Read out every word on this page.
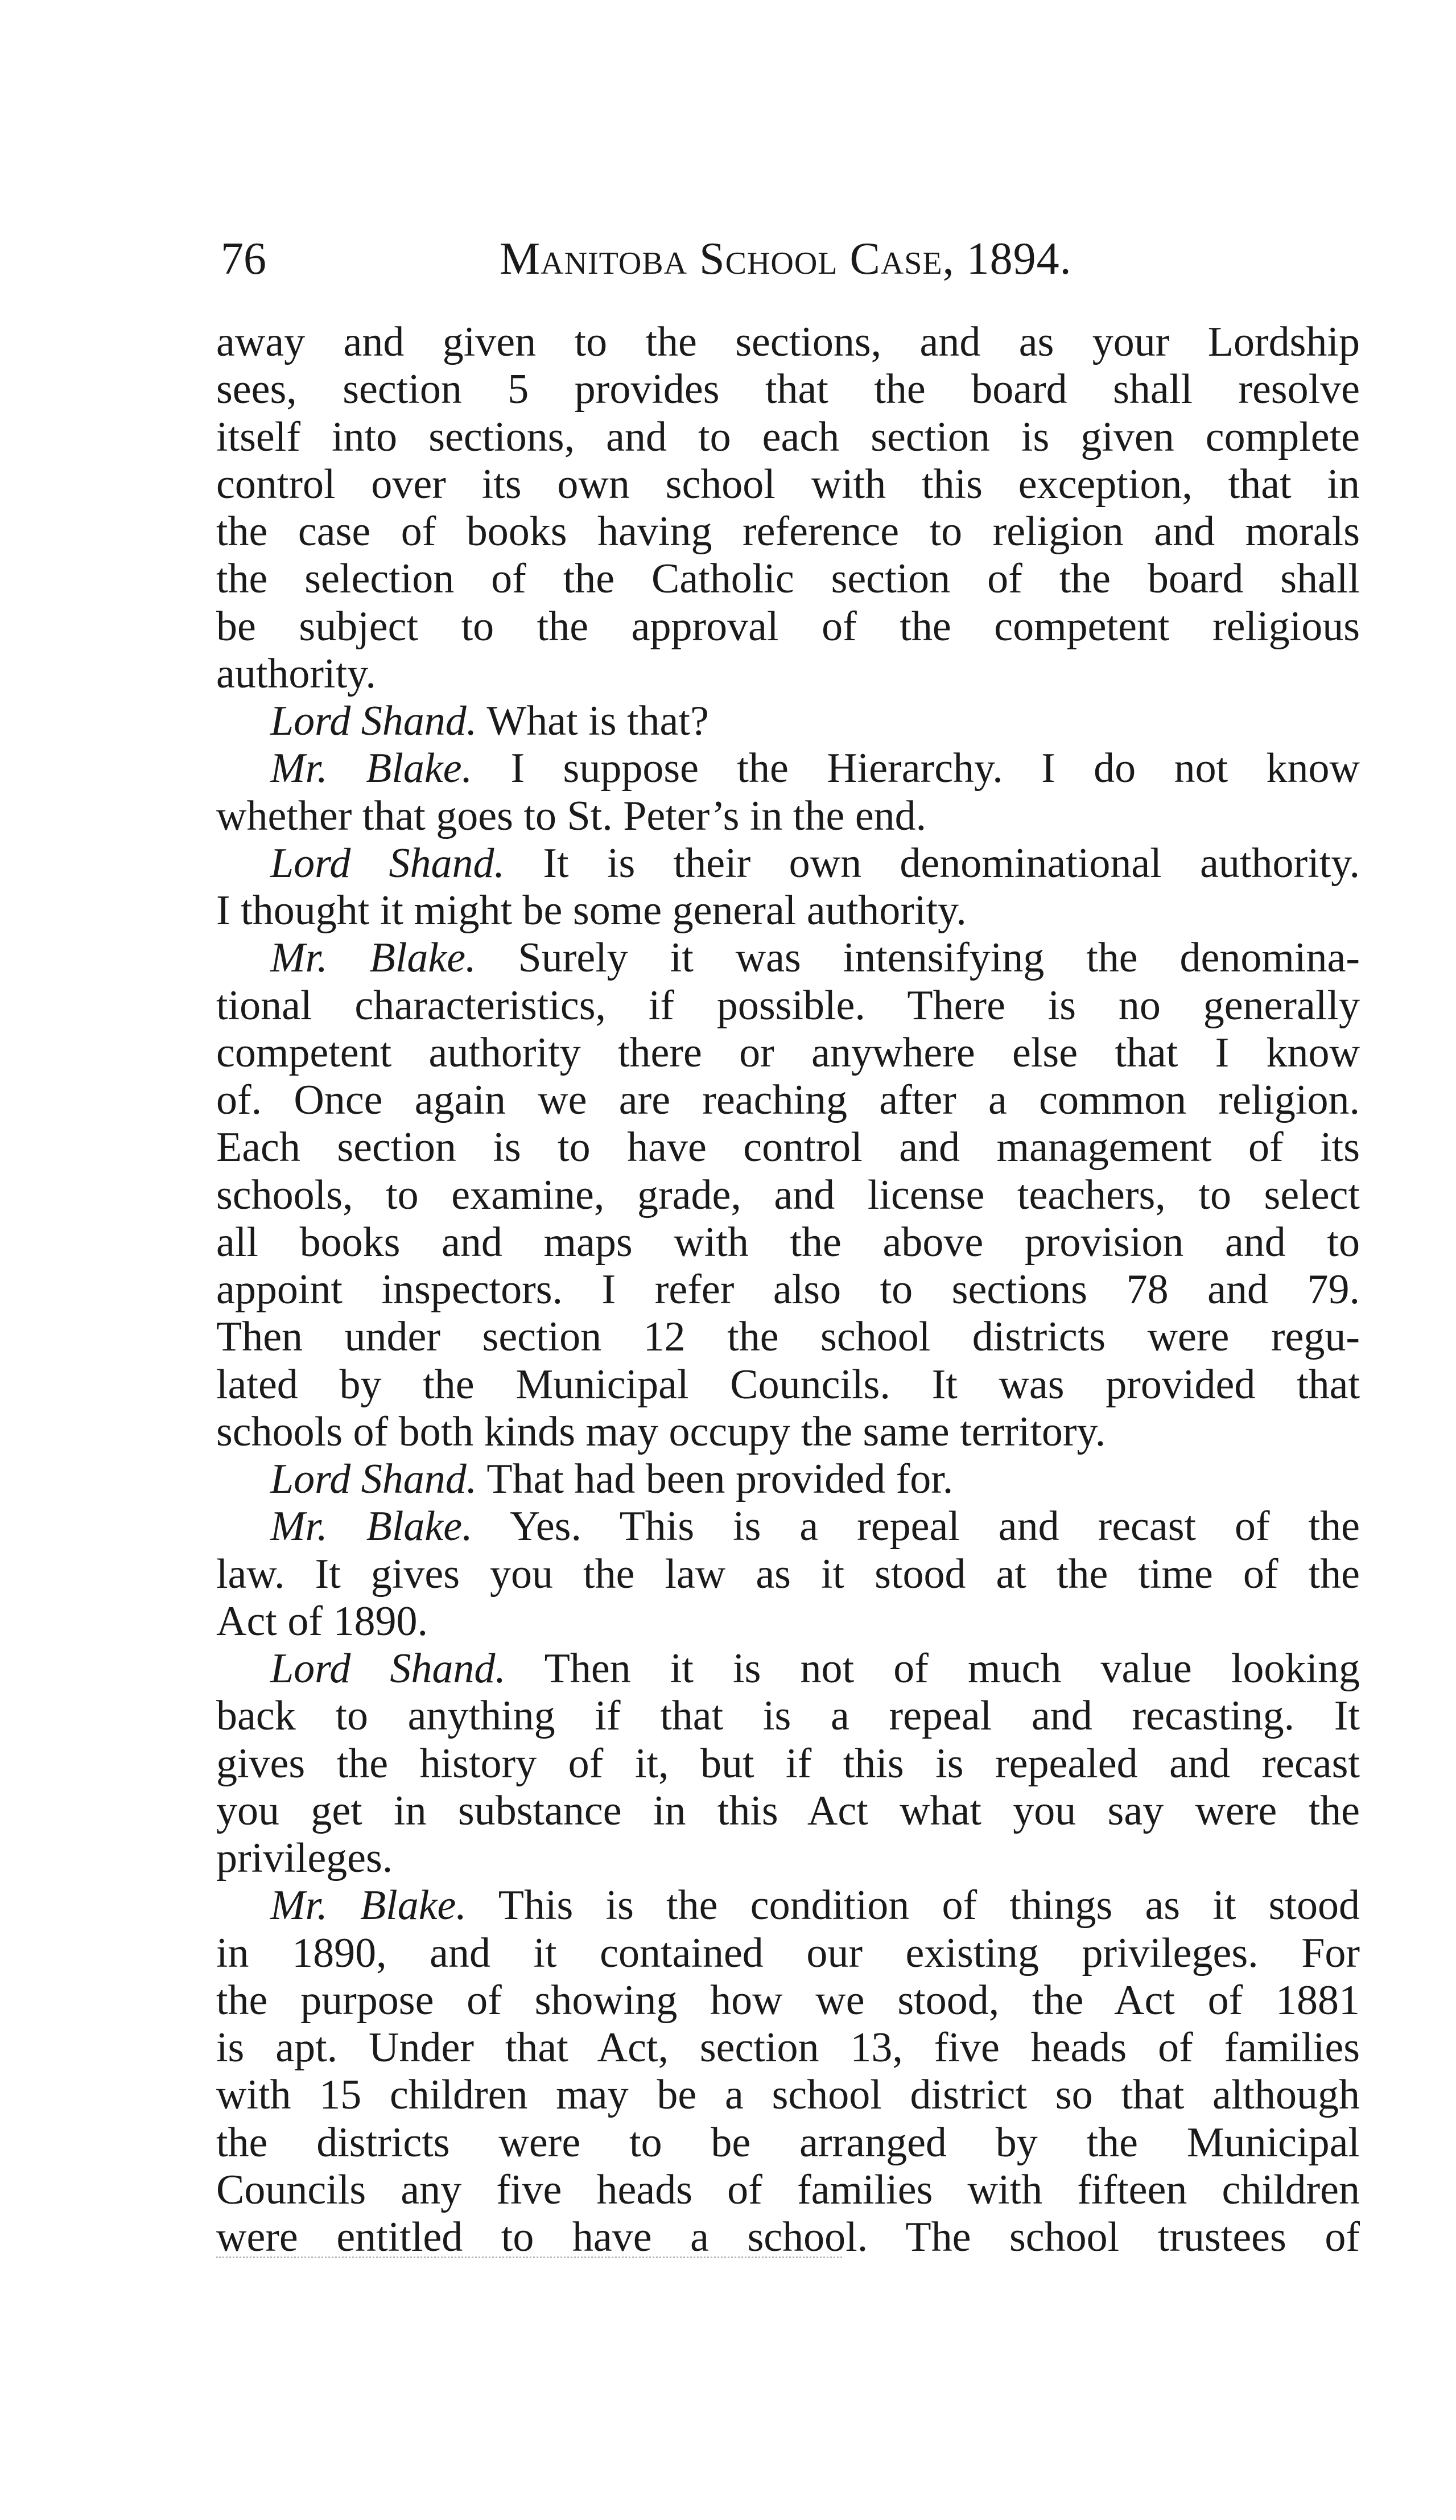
76	Manitoba School Case, 1894.
away and given to the sections, and as your Lordship
sees, section 5 provides that the board shall resolve
itself into sections, and to each section is given complete
control over its own school with this exception, that in
the case of books having reference to religion and morals
the selection of the Catholic section of the board shall
be subject to the approval of the competent religious
authority.
Lord Shand. What is that?
Mr. Blake. I suppose the Hierarchy. I do not know
whether that goes to St. Peter’s in the end.
Lord Shand. It is their own denominational authority.
I thought it might be some general authority.
Mr. Blake. Surely it was intensifying the denomina-
tional characteristics, if possible. There is no generally
competent authority there or anywhere else that I know
of. Once again we are reaching after a common religion.
Each section is to have control and management of its
schools, to examine, grade, and license teachers, to select
all books and maps with the above provision and to
appoint inspectors. I refer also to sections 78 and 79.
Then under section 12 the school districts were regu-
lated by the Municipal Councils. It was provided that
schools of both kinds may occupy the same territory.
Lord Shand. That had been provided for.
Mr. Blake. Yes. This is a repeal and recast of the
law. It gives you the law as it stood at the time of the
Act of 1890.
Lord Shand. Then it is not of much value looking
back to anything if that is a repeal and recasting. It
gives the history of it, but if this is repealed and recast
you get in substance in this Act what you say were the
privileges.
Mr. Blake. This is the condition of things as it stood
in 1890, and it contained our existing privileges. For
the purpose of showing how we stood, the Act of 1881
is apt. Under that Act, section 13, five heads of families
with 15 children may be a school district so that although
the districts were to be arranged by the Municipal
Councils any five heads of families with fifteen children
were entitled to have a school. The school trustees of
